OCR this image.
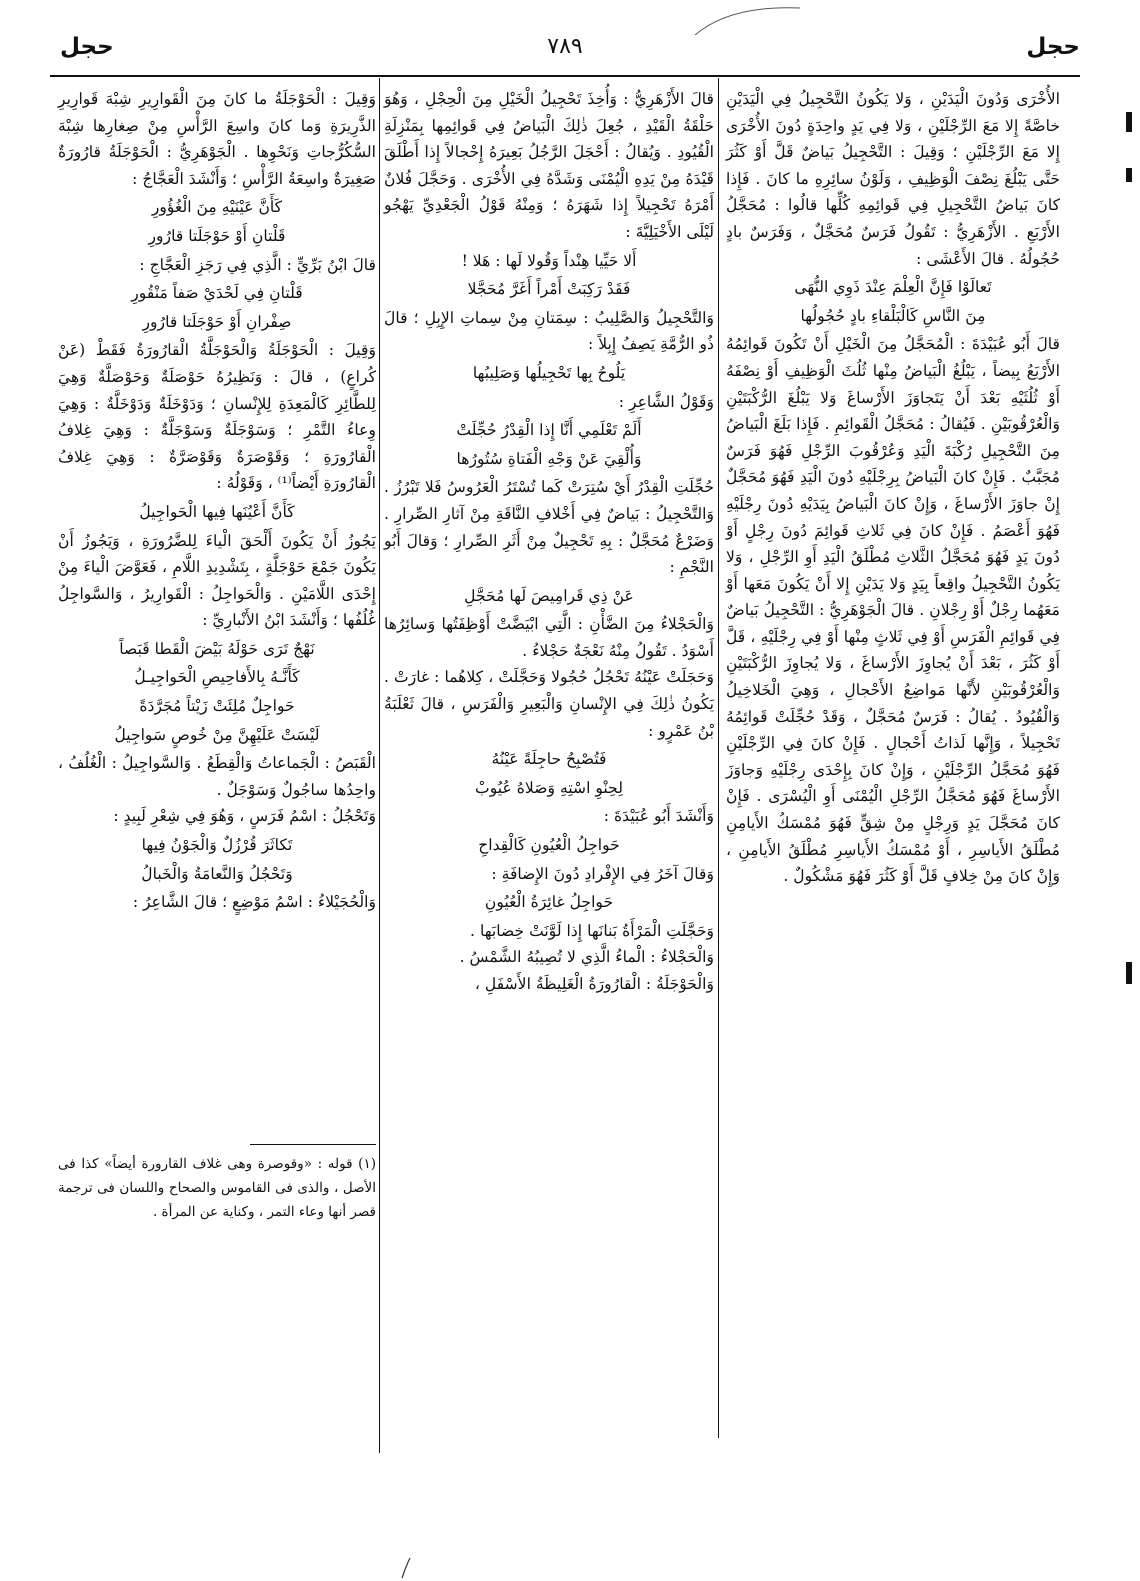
حجل
٧٨٩
حجل

الأُخْرَى وَدُونَ الْيَدَيْنِ ، وَلا يَكُونُ التَّحْجِيلُ فِي الْيَدَيْنِ خاصَّةً إِلا مَعَ الرِّجْلَيْنِ ، وَلا فِي يَدٍ واحِدَةٍ دُونَ الأُخْرَى إِلا مَعَ الرِّجْلَيْنِ ؛ وَقِيلَ : التَّحْجِيلُ بَياضٌ قَلَّ أَوْ كَثُرَ حَتَّى يَبْلُغَ نِصْفَ الْوَظِيفِ ، وَلَوْنُ سائِرِهِ ما كانَ . فَإِذا كانَ بَياضُ التَّحْجِيلِ فِي قَوائِمِهِ كُلِّها قالُوا : مُحَجَّلُ الأَرْبَعِ . الأَزْهَرِيُّ : تَقُولُ فَرَسٌ مُحَجَّلٌ ، وَفَرَسٌ بادٍ حُجُولُهُ . قالَ الأَعْشَى :

تَعالَوْا فَإِنَّ الْعِلْمَ عِنْدَ ذَوِي النُّهَى

مِنَ النَّاسِ كَالْبَلْقاءِ بادٍ حُجُولُها

قالَ أَبُو عُبَيْدَةَ : الْمُحَجَّلُ مِنَ الْخَيْلِ أَنْ تَكُونَ قَوائِمُهُ الأَرْبَعُ بِيضاً ، يَبْلُغُ الْبَياضُ مِنْها ثُلُثَ الْوَظِيفِ أَوْ نِصْفَهُ أَوْ ثُلُثَيْهِ بَعْدَ أَنْ يَتَجاوَزَ الأَرْساغَ وَلا يَبْلُغَ الرُّكْبَتَيْنِ وَالْعُرْقُوبَيْنِ . فَيُقالُ : مُحَجَّلُ الْقَوائِمِ . فَإِذا بَلَغَ الْبَياضُ مِنَ التَّحْجِيلِ رُكْبَةَ الْيَدِ وَعُرْقُوبَ الرِّجْلِ فَهُوَ فَرَسٌ مُجَبَّبٌ . فَإِنْ كانَ الْبَياضُ بِرِجْلَيْهِ دُونَ الْيَدِ فَهُوَ مُحَجَّلٌ إِنْ جاوَزَ الأَرْساغَ ، وَإِنْ كانَ الْبَياضُ بِيَدَيْهِ دُونَ رِجْلَيْهِ فَهُوَ أَعْصَمُ . فَإِنْ كانَ فِي ثَلاثِ قَوائِمَ دُونَ رِجْلٍ أَوْ دُونَ يَدٍ فَهُوَ مُحَجَّلُ الثَّلاثِ مُطْلَقُ الْيَدِ أَوِ الرِّجْلِ ، وَلا يَكُونُ التَّحْجِيلُ واقِعاً بِيَدٍ وَلا يَدَيْنِ إِلا أَنْ يَكُونَ مَعَها أَوْ مَعَهُما رِجْلٌ أَوْ رِجْلانِ . قالَ الْجَوْهَرِيُّ : التَّحْجِيلُ بَياضٌ فِي قَوائِمِ الْفَرَسِ أَوْ فِي ثَلاثٍ مِنْها أَوْ فِي رِجْلَيْهِ ، قَلَّ أَوْ كَثُرَ ، بَعْدَ أَنْ يُجاوِزَ الأَرْساغَ ، وَلا يُجاوِزَ الرُّكْبَتَيْنِ وَالْعُرْقُوبَيْنِ لأَنَّها مَواضِعُ الأَحْجالِ ، وَهِيَ الْخَلاخِيلُ وَالْقُيُودُ . يُقالُ : فَرَسٌ مُحَجَّلٌ ، وَقَدْ حُجِّلَتْ قَوائِمُهُ تَحْجِيلاً ، وَإِنَّها لَذاتُ أَحْجالٍ . فَإِنْ كانَ فِي الرِّجْلَيْنِ فَهُوَ مُحَجَّلُ الرِّجْلَيْنِ ، وَإِنْ كانَ بِإِحْدَى رِجْلَيْهِ وَجاوَزَ الأَرْساغَ فَهُوَ مُحَجَّلُ الرِّجْلِ الْيُمْنَى أَوِ الْيُسْرَى . فَإِنْ كانَ مُحَجَّلَ يَدٍ وَرِجْلٍ مِنْ شِقٍّ فَهُوَ مُمْسَكُ الأَيامِنِ مُطْلَقُ الأَياسِرِ ، أَوْ مُمْسَكُ الأَياسِرِ مُطْلَقُ الأَيامِنِ ، وَإِنْ كانَ مِنْ خِلافٍ قَلَّ أَوْ كَثُرَ فَهُوَ مَشْكُولٌ .

قالَ الأَزْهَرِيُّ : وَأُخِذَ تَحْجِيلُ الْخَيْلِ مِنَ الْحِجْلِ ، وَهُوَ حَلْقَةُ الْقَيْدِ ، جُعِلَ ذٰلِكَ الْبَياضُ فِي قَوائِمِها بِمَنْزِلَةِ الْقُيُودِ . وَيُقالُ : أَحْجَلَ الرَّجُلُ بَعِيرَهُ إِحْجالاً إِذا أَطْلَقَ قَيْدَهُ مِنْ يَدِهِ الْيُمْنَى وَشَدَّهُ فِي الأُخْرَى . وَحَجَّلَ فُلانٌ أَمْرَهُ تَحْجِيلاً إِذا شَهَرَهُ ؛ وَمِنْهُ قَوْلُ الْجَعْدِيِّ يَهْجُو لَيْلَى الأَخْيَلِيَّةَ :

أَلا حَيِّيا هِنْداً وَقُولا لَها : هَلا !

فَقَدْ رَكِبَتْ أَمْراً أَغَرَّ مُحَجَّلا

وَالتَّحْجِيلُ وَالصَّلِيبُ : سِمَتانِ مِنْ سِماتِ الإِبِلِ ؛ قالَ ذُو الرُّمَّةِ يَصِفُ إِبِلاً :

يَلُوحُ بِها تَحْجِيلُها وَصَلِيبُها

وَقَوْلُ الشَّاعِرِ :

أَلَمْ تَعْلَمِي أَنَّا إِذا الْقِدْرُ حُجِّلَتْ

وَأُلْقِيَ عَنْ وَجْهِ الْفَتاةِ سُتُورُها

حُجِّلَتِ الْقِدْرُ أَيْ سُتِرَتْ كَما تُسْتَرُ الْعَرُوسُ فَلا تَبْرُزُ . وَالتَّحْجِيلُ : بَياضٌ فِي أَخْلافِ النَّاقَةِ مِنْ آثارِ الصِّرارِ . وَضَرْعٌ مُحَجَّلٌ : بِهِ تَحْجِيلٌ مِنْ أَثَرِ الصِّرارِ ؛ وَقالَ أَبُو النَّجْمِ :

عَنْ ذِي قَرامِيصَ لَها مُحَجَّلِ

وَالْحَجْلاءُ مِنَ الضَّأْنِ : الَّتِي ابْيَضَّتْ أَوْظِفَتُها وَسائِرُها أَسْوَدُ . تَقُولُ مِنْهُ نَعْجَةٌ حَجْلاءُ .

وَحَجَلَتْ عَيْنُهُ تَحْجُلُ حُجُولا وَحَجَّلَتْ ، كِلاهُما : غارَتْ . يَكُونُ ذٰلِكَ فِي الإِنْسانِ وَالْبَعِيرِ وَالْفَرَسِ ، قالَ ثَعْلَبَةُ بْنُ عَمْرٍو :

فَتُصْبِحُ حاجِلَةً عَيْنُهُ

لِحِنْوِ اسْتِهِ وَصَلاهُ عُيُوبْ

وَأَنْشَدَ أَبُو عُبَيْدَةَ :

حَواجِلُ الْعُيُونِ كَالْقِداحِ

وَقالَ آخَرُ فِي الإِفْرادِ دُونَ الإِضافَةِ :

حَواجِلُ غائِرَةُ الْعُيُونِ

وَحَجَّلَتِ الْمَرْأَةُ بَنانَها إِذا لَوَّنَتْ خِضابَها .

وَالْحَجْلاءُ : الْماءُ الَّذِي لا تُصِيبُهُ الشَّمْسُ .

وَالْحَوْجَلَةُ : الْقارُورَةُ الْغَلِيظَةُ الأَسْفَلِ ،

وَقِيلَ : الْحَوْجَلَةُ ما كانَ مِنَ الْقَوارِيرِ شِبْهَ قَوارِيرِ الذَّرِيرَةِ وَما كانَ واسِعَ الرَّأْسِ مِنْ صِغارِها شِبْهَ السُّكُرُّجاتِ وَنَحْوِها . الْجَوْهَرِيُّ : الْحَوْجَلَةُ قارُورَةٌ صَغِيرَةٌ واسِعَةُ الرَّأْسِ ؛ وَأَنْشَدَ الْعَجَّاجُ :

كَأَنَّ عَيْنَيْهِ مِنَ الْغُؤُورِ

قَلْتانِ أَوْ حَوْجَلَتا قارُورِ

قالَ ابْنُ بَرِّيٍّ : الَّذِي فِي رَجَزِ الْعَجَّاجِ :

قَلْتانِ فِي لَحْدَيْ صَفاً مَنْقُورِ

صِفْرانِ أَوْ حَوْجَلَتا قارُورِ

وَقِيلَ : الْحَوْجَلَةُ وَالْحَوْجَلَّةُ الْقارُورَةُ فَقَطْ (عَنْ كُراعٍ) ، قالَ : وَنَظِيرُهُ حَوْصَلَةٌ وَحَوْصَلَّةٌ وَهِيَ لِلطَّائِرِ كَالْمَعِدَةِ لِلإِنْسانِ ؛ وَدَوْخَلَةٌ وَدَوْخَلَّةٌ : وَهِيَ وِعاءُ التَّمْرِ ؛ وَسَوْجَلَةٌ وَسَوْجَلَّةٌ : وَهِيَ غِلافُ الْقارُورَةِ ؛ وَقَوْصَرَةٌ وَقَوْصَرَّةٌ : وَهِيَ غِلافُ الْقارُورَةِ أَيْضاً⁽¹⁾ ، وَقَوْلُهُ :

كَأَنَّ أَعْيُنَها فِيها الْحَواجِيلُ

يَجُوزُ أَنْ يَكُونَ أَلْحَقَ الْياءَ لِلضَّرُورَةِ ، وَيَجُوزُ أَنْ يَكُونَ جَمْعَ حَوْجَلَّةٍ ، بِتَشْدِيدِ اللَّامِ ، فَعَوَّضَ الْياءَ مِنْ إِحْدَى اللَّامَيْنِ . وَالْحَواجِلُ : الْقَوارِيرُ ، وَالسَّواجِلُ غُلُفُها ؛ وَأَنْشَدَ ابْنُ الأَنْبارِيِّ :

نَهْجٌ تَرَى حَوْلَهُ بَيْضَ الْقَطا قَبَصاً

كَأَنَّـهُ بِالأَفاحِيصِ الْحَواجِيـلُ

حَواجِلٌ مُلِئَتْ زَيْتاً مُجَرَّدَةً

لَيْسَتْ عَلَيْهِنَّ مِنْ خُوصٍ سَواجِيلُ

الْقَبَصُ : الْجَماعاتُ وَالْقِطَعُ . وَالسَّواجِيلُ : الْغُلُفُ ، واحِدُها ساجُولٌ وَسَوْجَلٌ .

وَتَحْجُلُ : اسْمُ فَرَسٍ ، وَهُوَ فِي شِعْرِ لَبِيدٍ :

تَكاثَرَ قُرْزُلٌ وَالْجَوْنُ فِيها

وَتَحْجُلُ وَالنَّعامَةُ وَالْخَبالُ

وَالْحُجَيْلاءُ : اسْمُ مَوْضِعٍ ؛ قالَ الشَّاعِرُ :

(١) قوله : «وقوصرة وهى غلاف القارورة أيضاً» كذا فى الأصل ، والذى فى القاموس والصحاح واللسان فى ترجمة قصر أنها وعاء التمر ، وكناية عن المرأة .
